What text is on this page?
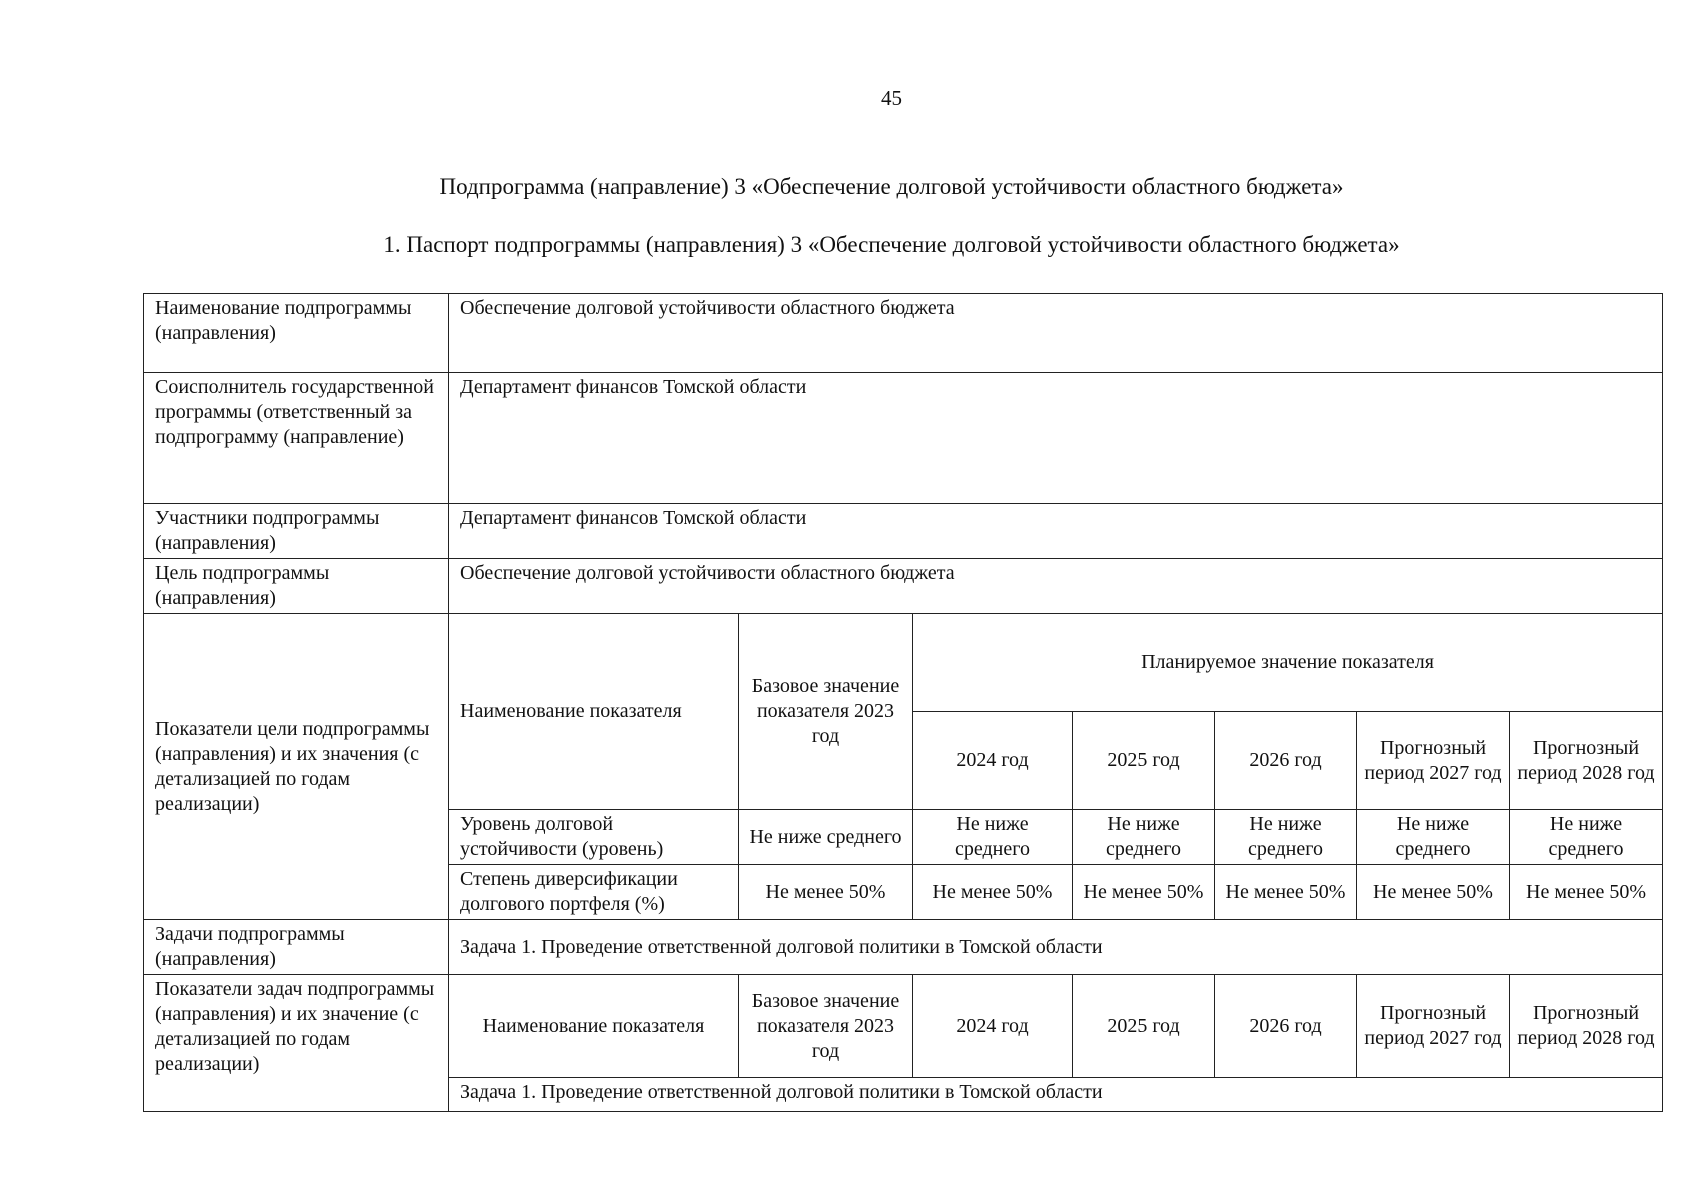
45
Подпрограмма (направление) 3 «Обеспечение долговой устойчивости областного бюджета»
1. Паспорт подпрограммы (направления) 3 «Обеспечение долговой устойчивости областного бюджета»
Наименование подпрограммы (направления)	Обеспечение долговой устойчивости областного бюджета						
Соисполнитель государственной программы (ответственный за подпрограмму (направление)	Департамент финансов Томской области						
Участники подпрограммы (направления)	Департамент финансов Томской области						
Цель подпрограммы (направления)	Обеспечение долговой устойчивости областного бюджета						
Показатели цели подпрограммы (направления) и их значения (с детализацией по годам реализации)	Наименование показателя	Базовое значение показателя 2023 год	Планируемое значение показателя				
			2024 год	2025 год	2026 год	Прогнозный период 2027 год	Прогнозный период 2028 год
	Уровень долговой устойчивости (уровень)	Не ниже среднего	Не ниже среднего	Не ниже среднего	Не ниже среднего	Не ниже среднего	Не ниже среднего
	Степень диверсификации долгового портфеля (%)	Не менее 50%	Не менее 50%	Не менее 50%	Не менее 50%	Не менее 50%	Не менее 50%
Задачи подпрограммы (направления)	Задача 1. Проведение ответственной долговой политики в Томской области						
Показатели задач подпрограммы (направления) и их значение (с детализацией по годам реализации)	Наименование показателя	Базовое значение показателя 2023 год	2024 год	2025 год	2026 год	Прогнозный период 2027 год	Прогнозный период 2028 год
	Задача 1. Проведение ответственной долговой политики в Томской области						
